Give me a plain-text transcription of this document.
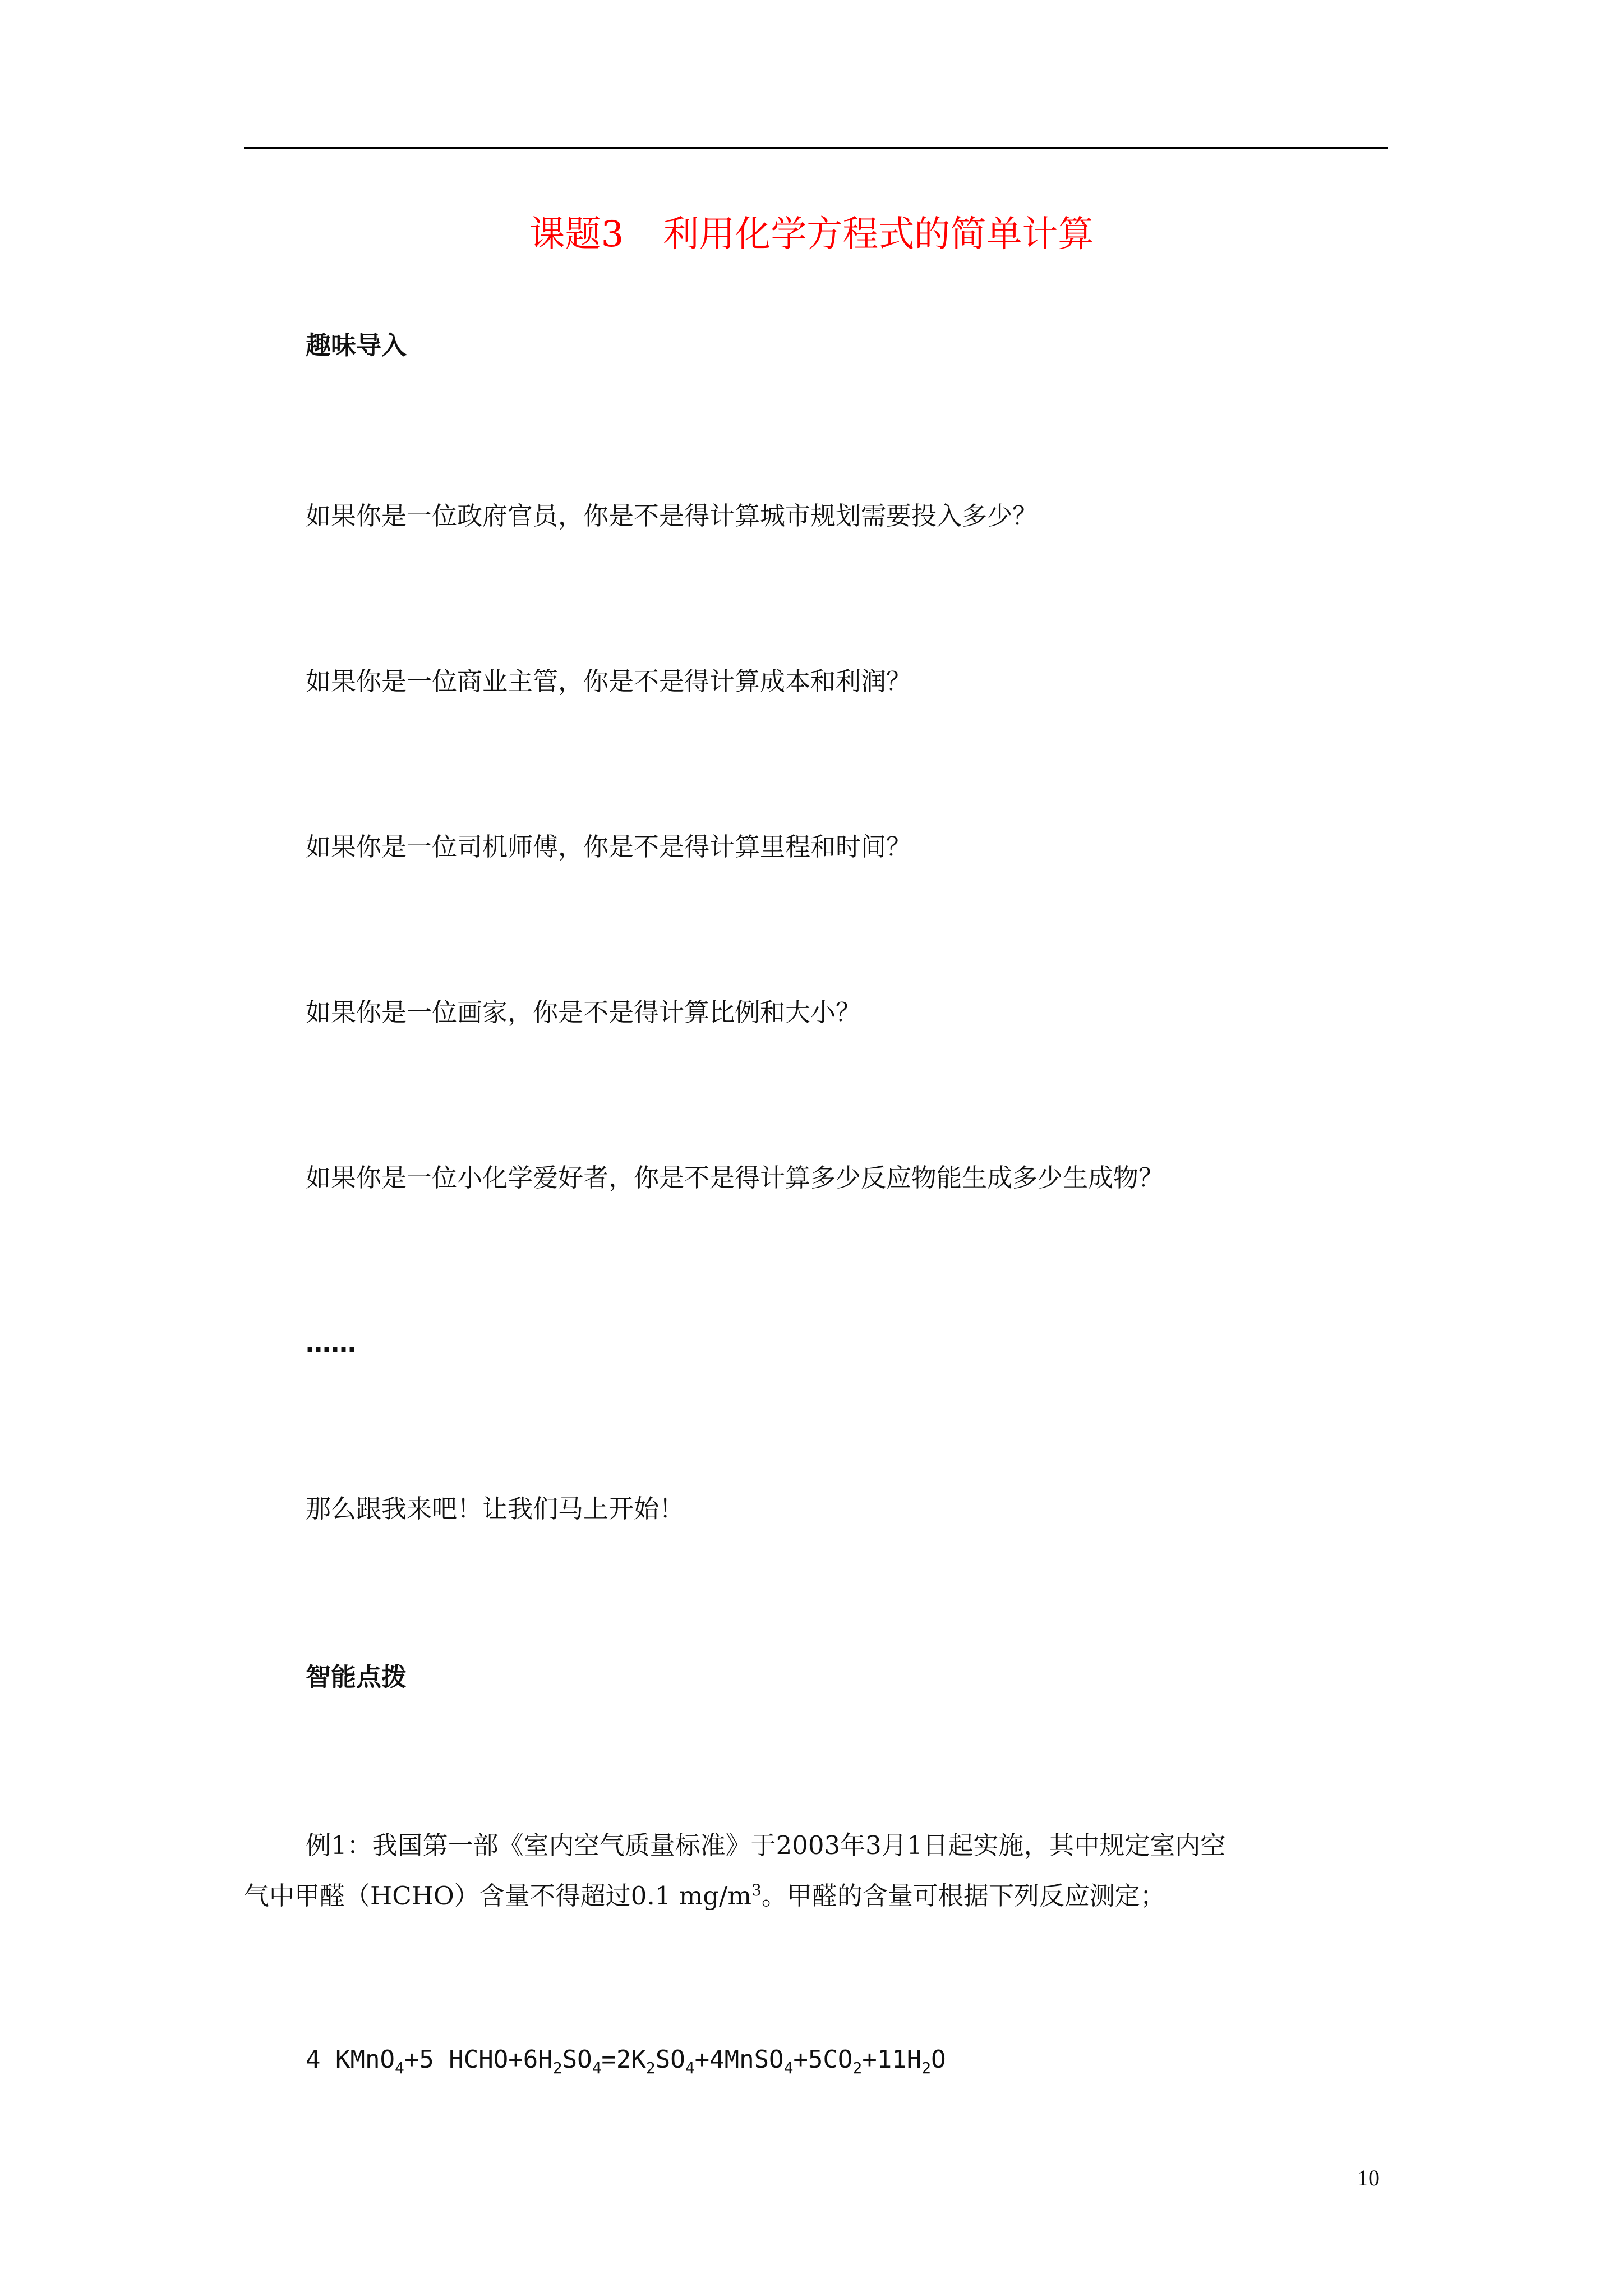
课题3 利用化学方程式的简单计算
趣味导入
如果你是一位政府官员，你是不是得计算城市规划需要投入多少？
如果你是一位商业主管，你是不是得计算成本和利润？
如果你是一位司机师傅，你是不是得计算里程和时间？
如果你是一位画家，你是不是得计算比例和大小？
如果你是一位小化学爱好者，你是不是得计算多少反应物能生成多少生成物？
……
那么跟我来吧！让我们马上开始！
智能点拨
例1：我国第一部《室内空气质量标准》于2003年3月1日起实施，其中规定室内空
气中甲醛（HCHO）含量不得超过0.1 $mg/m^3$。甲醛的含量可根据下列反应测定；
4 KMnO$_4$+5 $HCHO+6H_2SO_4=2K_2SO_4+4MnSO_4+5CO_2+11H_2O$
10
